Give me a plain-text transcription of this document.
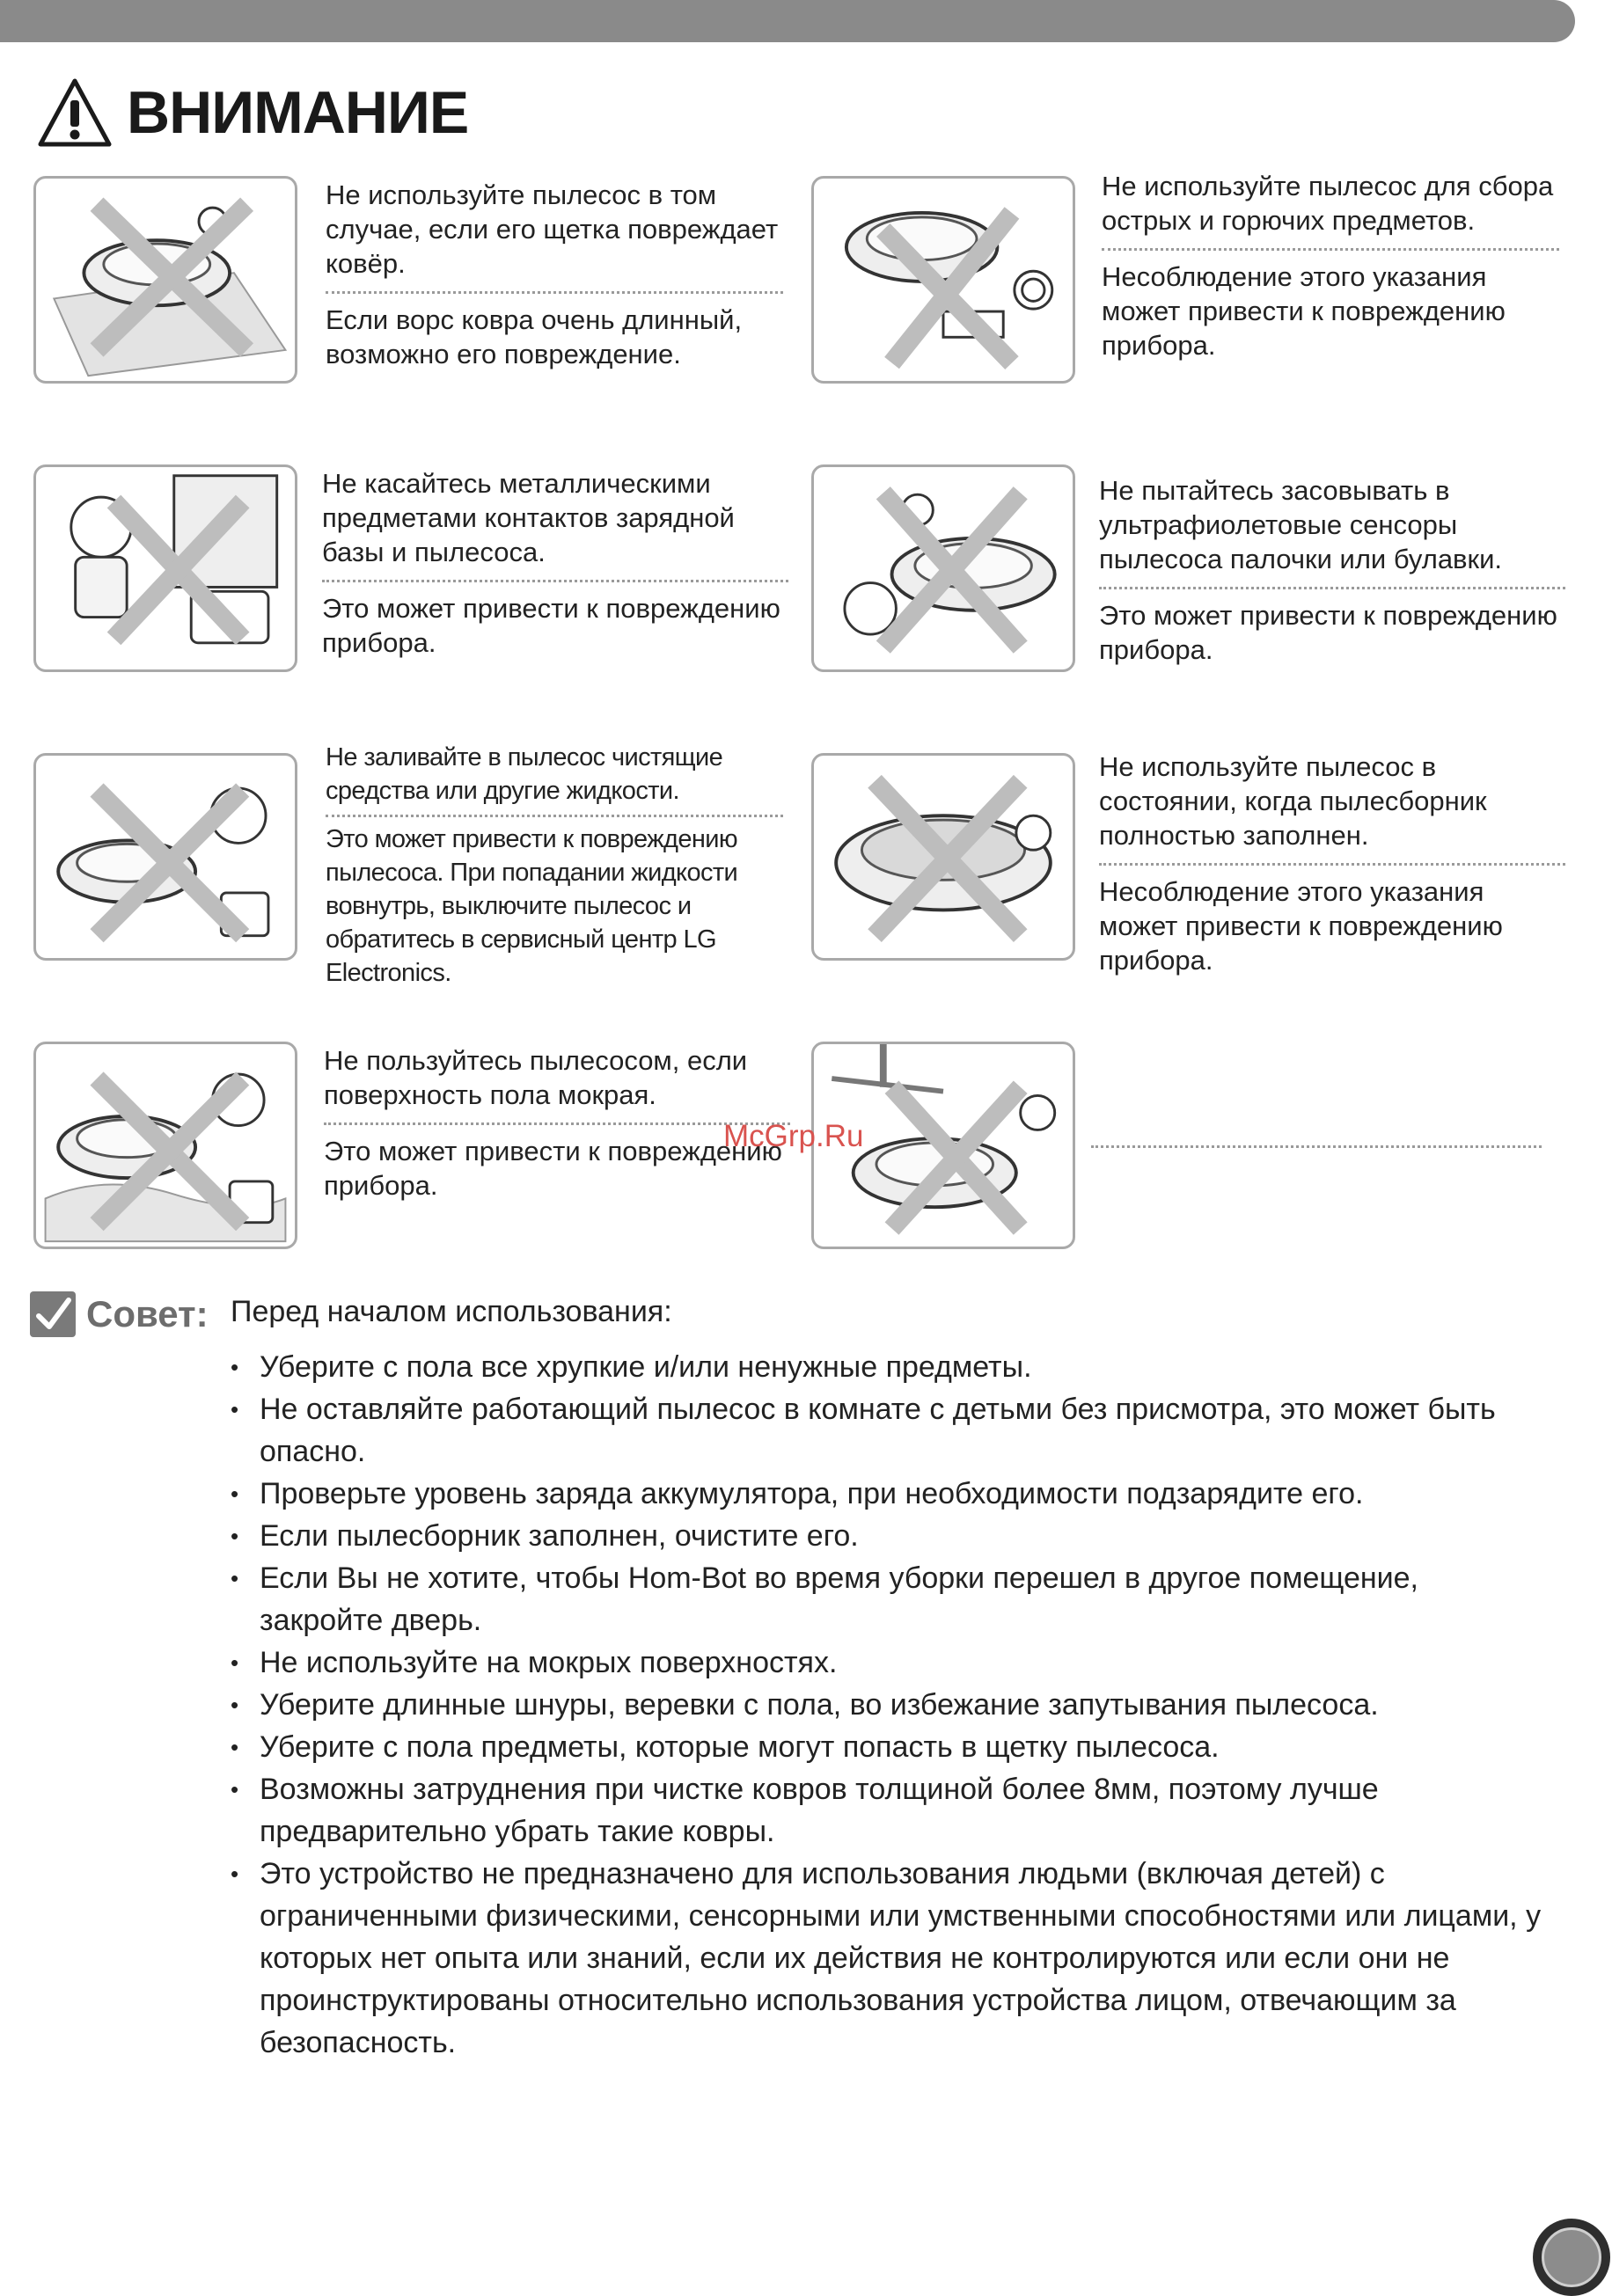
ВНИМАНИЕ

Не используйте пылесос в том случае, если его щетка повреждает ковёр.

Если ворс ковра очень длинный, возможно его повреждение.

Не используйте пылесос для сбора острых и горючих предметов.

Несоблюдение этого указания может привести к повреждению прибора.

Не касайтесь металлическими предметами контактов зарядной базы и пылесоса.

Это может привести к повреждению прибора.

Не пытайтесь засовывать в ультрафиолетовые сенсоры пылесоса палочки или булавки.

Это может привести к повреждению прибора.

Не заливайте в пылесос чистящие средства или другие жидкости.

Это может привести к повреждению пылесоса. При попадании жидкости вовнутрь, выключите пылесос и обратитесь в сервисный центр LG Electronics.

Не используйте пылесос в состоянии, когда пылесборник полностью заполнен.

Несоблюдение этого указания может привести к повреждению прибора.

Не пользуйтесь пылесосом, если поверхность пола мокрая.

Это может привести к повреждению прибора.

McGrp.Ru
Совет: Перед началом использования:
• Уберите с пола все хрупкие и/или ненужные предметы.
• Не оставляйте работающий пылесос в комнате с детьми без присмотра, это может быть опасно.
• Проверьте уровень заряда аккумулятора, при необходимости подзарядите его.
• Если пылесборник заполнен, очистите его.
• Если Вы не хотите, чтобы Hom-Bot во время уборки перешел в другое помещение, закройте дверь.
• Не используйте на мокрых поверхностях.
• Уберите длинные шнуры, веревки с пола, во избежание запутывания пылесоса.
• Уберите с пола предметы, которые могут попасть в щетку пылесоса.
• Возможны затруднения при чистке ковров толщиной более 8мм, поэтому лучше предварительно убрать такие ковры.
• Это устройство не предназначено для использования людьми (включая детей) с ограниченными физическими, сенсорными или умственными способностями или лицами, у которых нет опыта или знаний, если их действия не контролируются или если они не проинструктированы относительно использования устройства лицом, отвечающим за безопасность.
